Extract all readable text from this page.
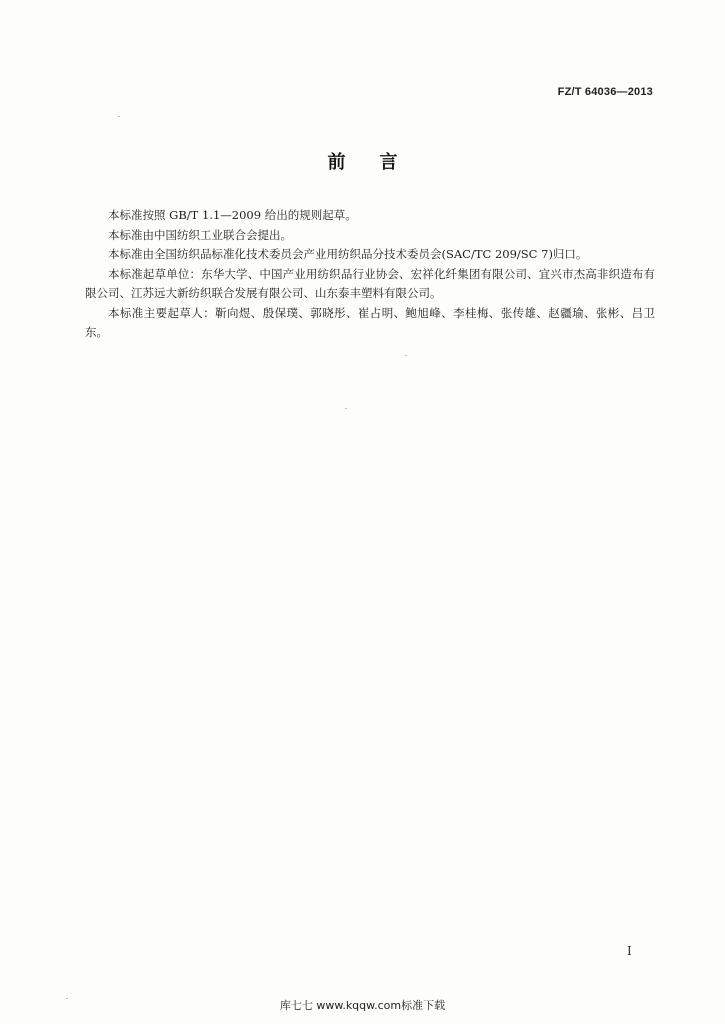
FZ/T 64036—2013
前言

本标准按照 GB/T 1.1—2009 给出的规则起草。

本标准由中国纺织工业联合会提出。

本标准由全国纺织品标准化技术委员会产业用纺织品分技术委员会(SAC/TC 209/SC 7)归口。

本标准起草单位：东华大学、中国产业用纺织品行业协会、宏祥化纤集团有限公司、宜兴市杰高非织造布有限公司、江苏远大新纺织联合发展有限公司、山东泰丰塑料有限公司。

本标准主要起草人：靳向煜、殷保璞、郭晓彤、崔占明、鲍旭峰、李桂梅、张传雄、赵疆瑜、张彬、吕卫东。

I
库七七 www.kqqw.com标准下载
